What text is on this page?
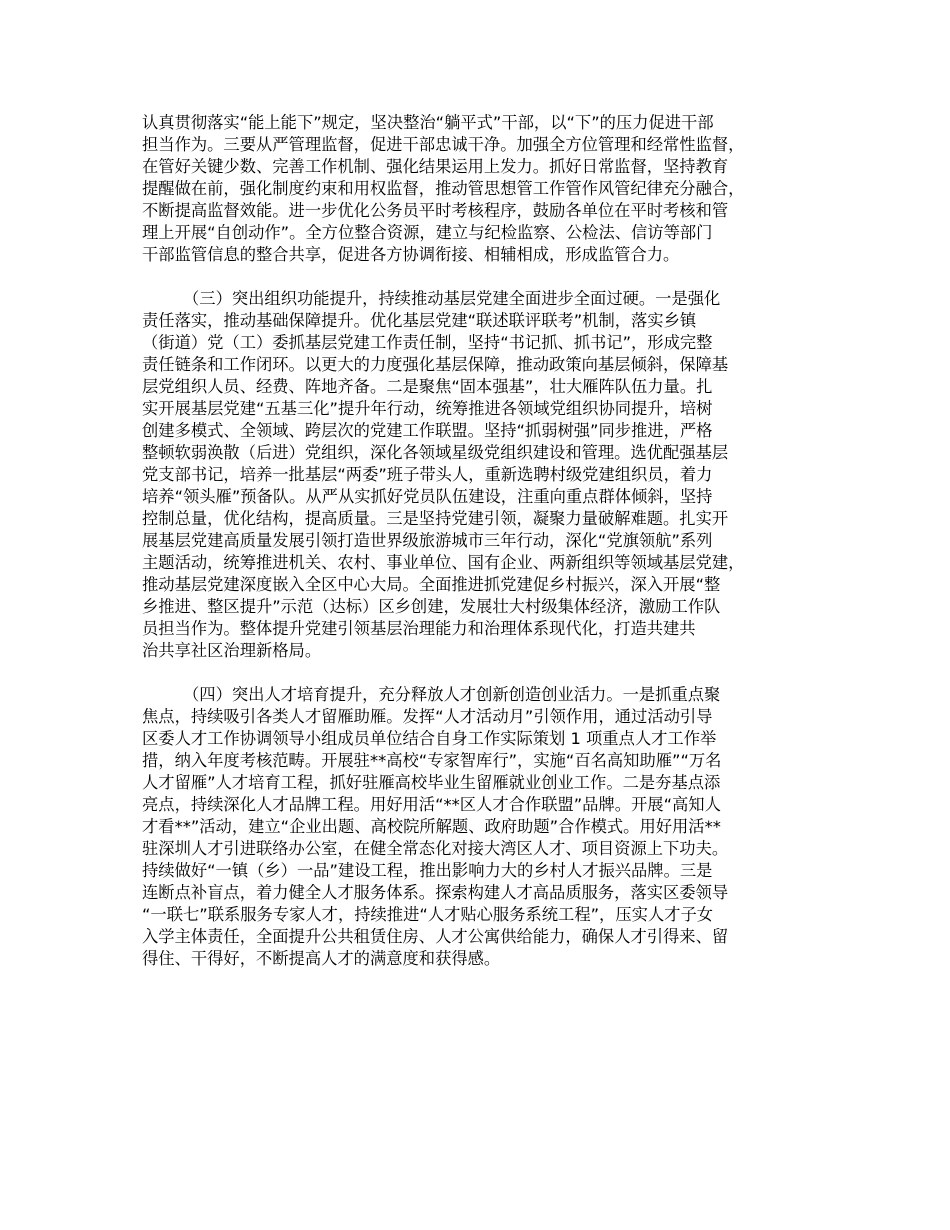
认真贯彻落实“能上能下”规定，坚决整治“躺平式”干部，以“下”的压力促进干部
担当作为。三要从严管理监督，促进干部忠诚干净。加强全方位管理和经常性监督，
在管好关键少数、完善工作机制、强化结果运用上发力。抓好日常监督，坚持教育
提醒做在前，强化制度约束和用权监督，推动管思想管工作管作风管纪律充分融合，
不断提高监督效能。进一步优化公务员平时考核程序，鼓励各单位在平时考核和管
理上开展“自创动作”。全方位整合资源，建立与纪检监察、公检法、信访等部门
干部监管信息的整合共享，促进各方协调衔接、相辅相成，形成监管合力。

（三）突出组织功能提升，持续推动基层党建全面进步全面过硬。一是强化
责任落实，推动基础保障提升。优化基层党建“联述联评联考”机制，落实乡镇
（街道）党（工）委抓基层党建工作责任制，坚持“书记抓、抓书记”，形成完整
责任链条和工作闭环。以更大的力度强化基层保障，推动政策向基层倾斜，保障基
层党组织人员、经费、阵地齐备。二是聚焦“固本强基”，壮大雁阵队伍力量。扎
实开展基层党建“五基三化”提升年行动，统筹推进各领域党组织协同提升，培树
创建多模式、全领域、跨层次的党建工作联盟。坚持“抓弱树强”同步推进，严格
整顿软弱涣散（后进）党组织，深化各领域星级党组织建设和管理。选优配强基层
党支部书记，培养一批基层“两委”班子带头人，重新选聘村级党建组织员，着力
培养“领头雁”预备队。从严从实抓好党员队伍建设，注重向重点群体倾斜，坚持
控制总量，优化结构，提高质量。三是坚持党建引领，凝聚力量破解难题。扎实开
展基层党建高质量发展引领打造世界级旅游城市三年行动，深化“党旗领航”系列
主题活动，统筹推进机关、农村、事业单位、国有企业、两新组织等领域基层党建，
推动基层党建深度嵌入全区中心大局。全面推进抓党建促乡村振兴，深入开展“整
乡推进、整区提升”示范（达标）区乡创建，发展壮大村级集体经济，激励工作队
员担当作为。整体提升党建引领基层治理能力和治理体系现代化，打造共建共
治共享社区治理新格局。

（四）突出人才培育提升，充分释放人才创新创造创业活力。一是抓重点聚
焦点，持续吸引各类人才留雁助雁。发挥“人才活动月”引领作用，通过活动引导
区委人才工作协调领导小组成员单位结合自身工作实际策划 1 项重点人才工作举
措，纳入年度考核范畴。开展驻**高校“专家智库行”，实施“百名高知助雁”“万名
人才留雁”人才培育工程，抓好驻雁高校毕业生留雁就业创业工作。二是夯基点添
亮点，持续深化人才品牌工程。用好用活“**区人才合作联盟”品牌。开展“高知人
才看**”活动，建立“企业出题、高校院所解题、政府助题”合作模式。用好用活**
驻深圳人才引进联络办公室，在健全常态化对接大湾区人才、项目资源上下功夫。
持续做好“一镇（乡）一品”建设工程，推出影响力大的乡村人才振兴品牌。三是
连断点补盲点，着力健全人才服务体系。探索构建人才高品质服务，落实区委领导
“一联七”联系服务专家人才，持续推进“人才贴心服务系统工程”，压实人才子女
入学主体责任，全面提升公共租赁住房、人才公寓供给能力，确保人才引得来、留
得住、干得好，不断提高人才的满意度和获得感。
